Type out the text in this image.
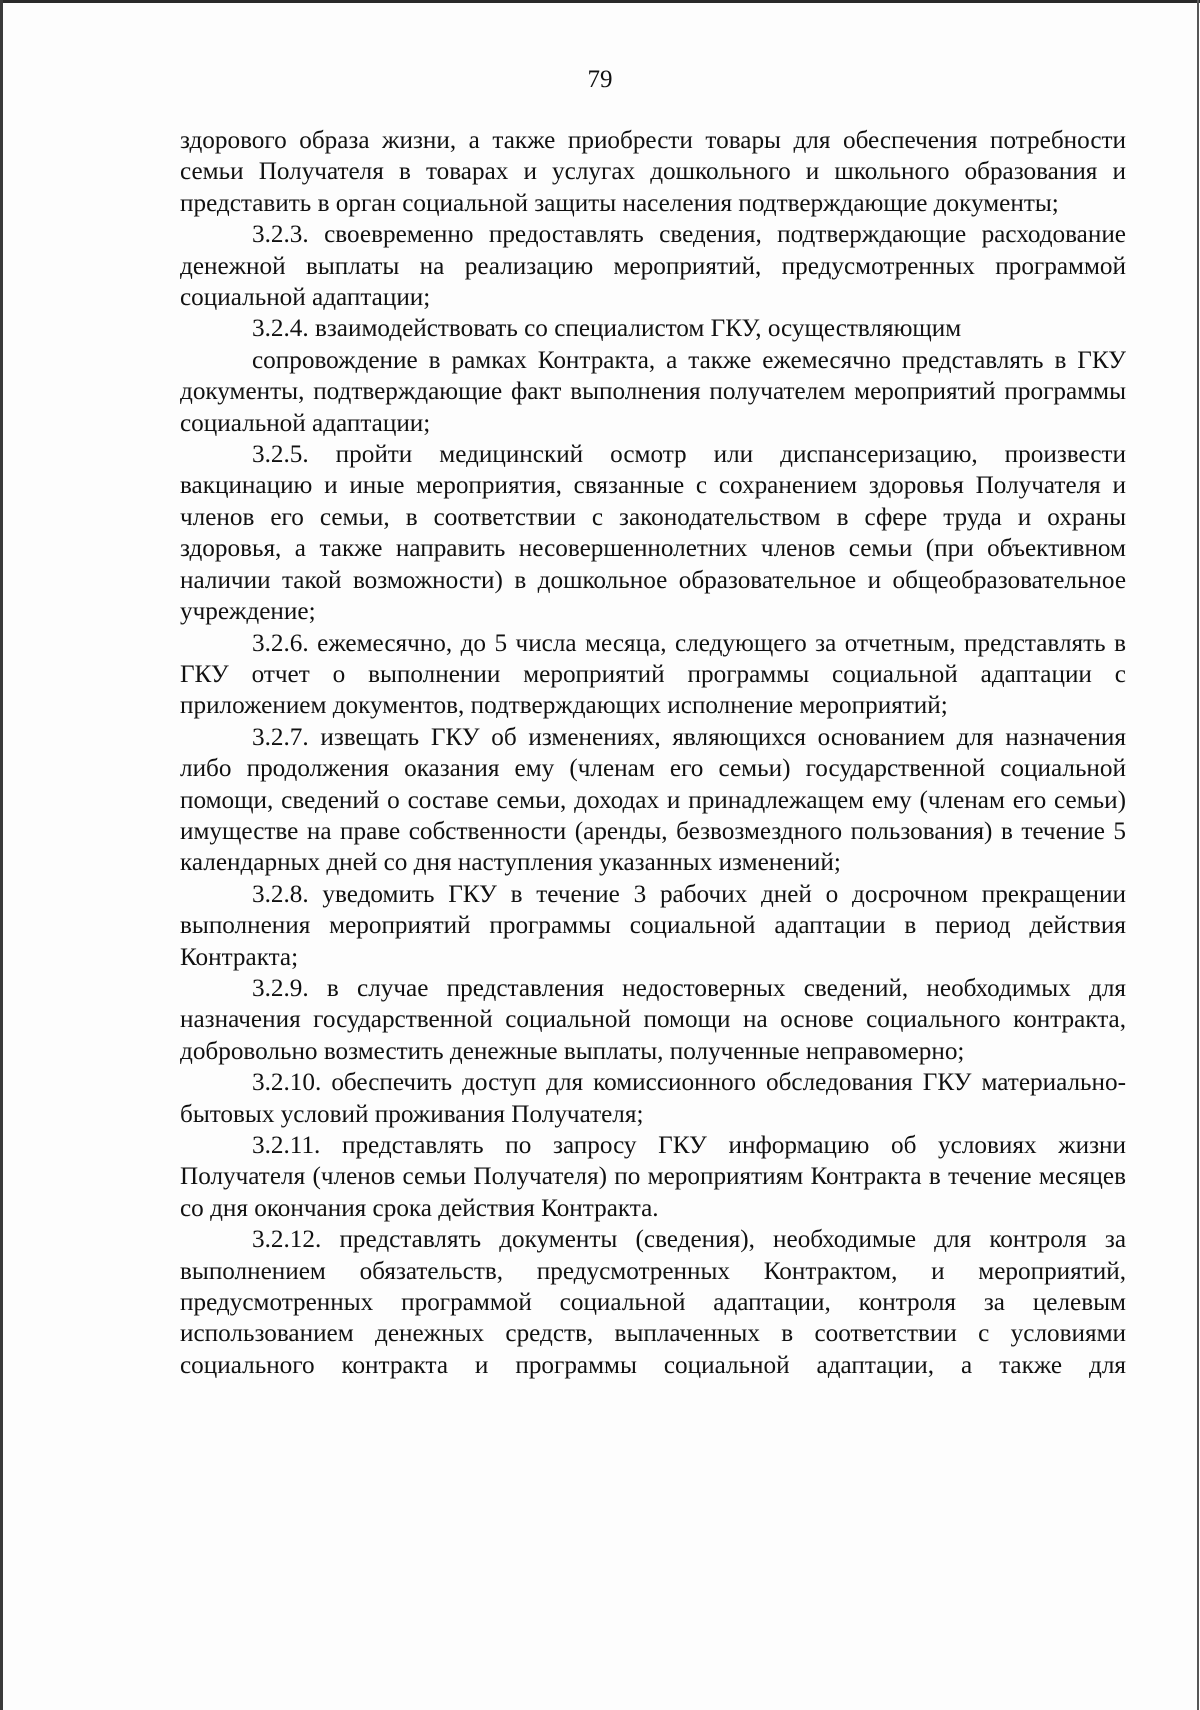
79

здорового образа жизни, а также приобрести товары для обеспечения потребности семьи Получателя в товарах и услугах дошкольного и школьного образования и представить в орган социальной защиты населения подтверждающие документы;

3.2.3. своевременно предоставлять сведения, подтверждающие расходование денежной выплаты на реализацию мероприятий, предусмотренных программой социальной адаптации;

3.2.4. взаимодействовать со специалистом ГКУ, осуществляющим

сопровождение в рамках Контракта, а также ежемесячно представлять в ГКУ документы, подтверждающие факт выполнения получателем мероприятий программы социальной адаптации;

3.2.5. пройти медицинский осмотр или диспансеризацию, произвести вакцинацию и иные мероприятия, связанные с сохранением здоровья Получателя и членов его семьи, в соответствии с законодательством в сфере труда и охраны здоровья, а также направить несовершеннолетних членов семьи (при объективном наличии такой возможности) в дошкольное образовательное и общеобразовательное учреждение;

3.2.6. ежемесячно, до 5 числа месяца, следующего за отчетным, представлять в ГКУ отчет о выполнении мероприятий программы социальной адаптации с приложением документов, подтверждающих исполнение мероприятий;

3.2.7. извещать ГКУ об изменениях, являющихся основанием для назначения либо продолжения оказания ему (членам его семьи) государственной социальной помощи, сведений о составе семьи, доходах и принадлежащем ему (членам его семьи) имуществе на праве собственности (аренды, безвозмездного пользования) в течение 5 календарных дней со дня наступления указанных изменений;

3.2.8. уведомить ГКУ в течение 3 рабочих дней о досрочном прекращении выполнения мероприятий программы социальной адаптации в период действия Контракта;

3.2.9. в случае представления недостоверных сведений, необходимых для назначения государственной социальной помощи на основе социального контракта, добровольно возместить денежные выплаты, полученные неправомерно;

3.2.10. обеспечить доступ для комиссионного обследования ГКУ материально-бытовых условий проживания Получателя;

3.2.11. представлять по запросу ГКУ информацию об условиях жизни Получателя (членов семьи Получателя) по мероприятиям Контракта в течение месяцев со дня окончания срока действия Контракта.

3.2.12. представлять документы (сведения), необходимые для контроля за выполнением обязательств, предусмотренных Контрактом, и мероприятий, предусмотренных программой социальной адаптации, контроля за целевым использованием денежных средств, выплаченных в соответствии с условиями социального контракта и программы социальной адаптации, а также для
